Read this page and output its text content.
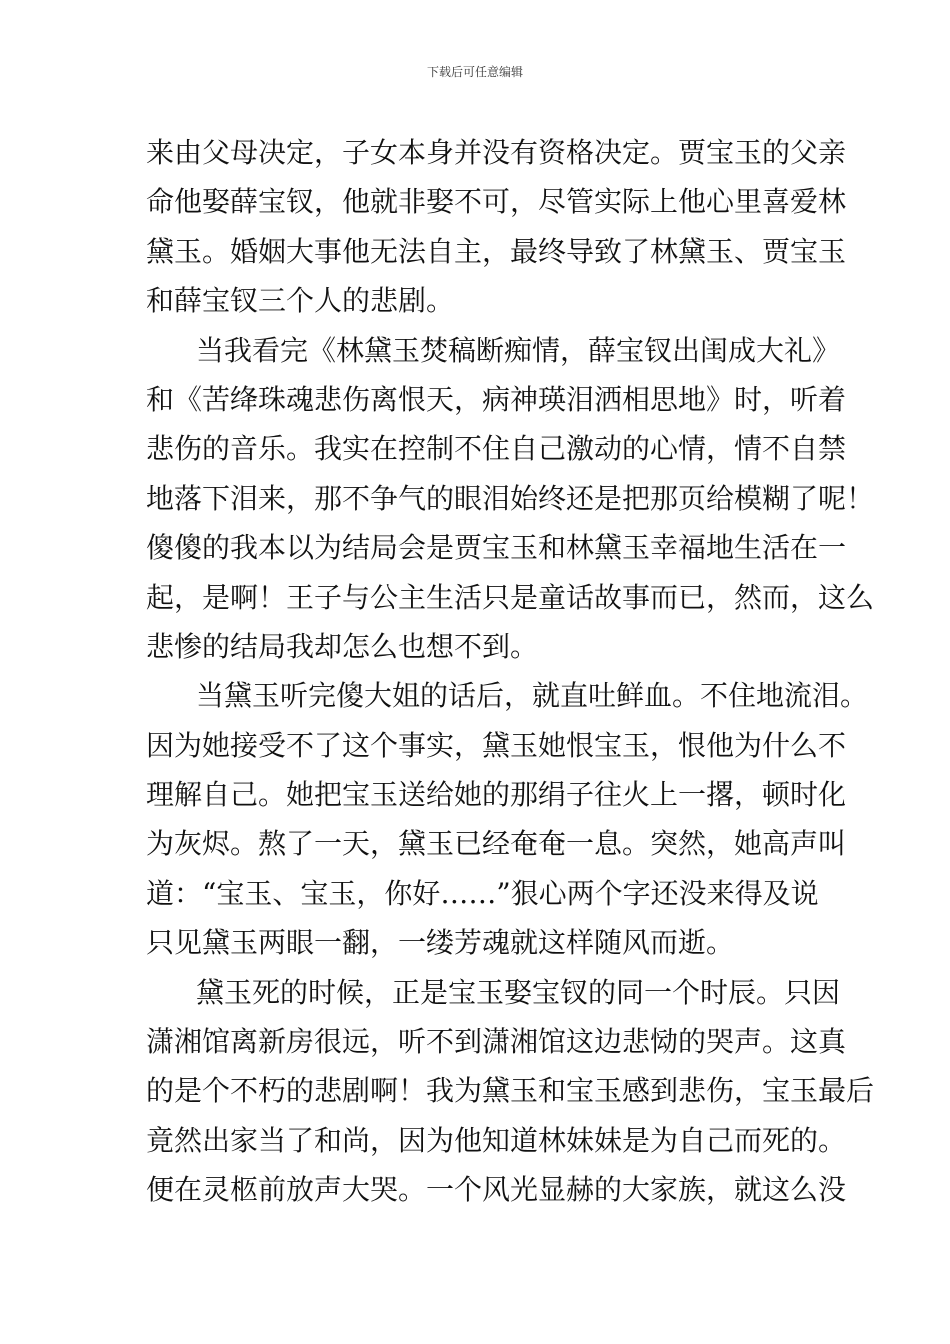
下载后可任意编辑
来由父母决定，子女本身并没有资格决定。贾宝玉的父亲
命他娶薛宝钗，他就非娶不可，尽管实际上他心里喜爱林
黛玉。婚姻大事他无法自主，最终导致了林黛玉、贾宝玉
和薛宝钗三个人的悲剧。
当我看完《林黛玉焚稿断痴情，薛宝钗出闺成大礼》
和《苦绛珠魂悲伤离恨天，病神瑛泪洒相思地》时，听着
悲伤的音乐。我实在控制不住自己激动的心情，情不自禁
地落下泪来，那不争气的眼泪始终还是把那页给模糊了呢！
傻傻的我本以为结局会是贾宝玉和林黛玉幸福地生活在一
起，是啊！王子与公主生活只是童话故事而已，然而，这么
悲惨的结局我却怎么也想不到。
当黛玉听完傻大姐的话后，就直吐鲜血。不住地流泪。
因为她接受不了这个事实，黛玉她恨宝玉，恨他为什么不
理解自己。她把宝玉送给她的那绢子往火上一撂，顿时化
为灰烬。熬了一天，黛玉已经奄奄一息。突然，她高声叫
道：“宝玉、宝玉，你好……”狠心两个字还没来得及说
只见黛玉两眼一翻，一缕芳魂就这样随风而逝。
黛玉死的时候，正是宝玉娶宝钗的同一个时辰。只因
潇湘馆离新房很远，听不到潇湘馆这边悲恸的哭声。这真
的是个不朽的悲剧啊！我为黛玉和宝玉感到悲伤，宝玉最后
竟然出家当了和尚，因为他知道林妹妹是为自己而死的。
便在灵柩前放声大哭。一个风光显赫的大家族，就这么没
